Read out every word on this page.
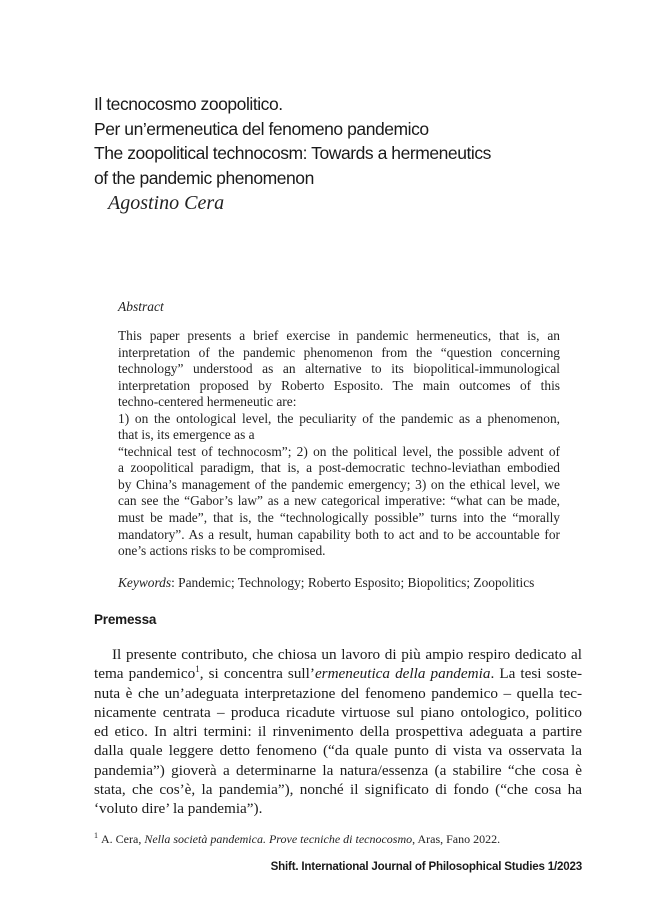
Il tecnocosmo zoopolitico.
Per un’ermeneutica del fenomeno pandemico
The zoopolitical technocosm: Towards a hermeneutics
of the pandemic phenomenon
Agostino Cera
Abstract

This paper presents a brief exercise in pandemic hermeneutics, that is, an
interpretation of the pandemic phenomenon from the “question concerning
technology” understood as an alternative to its biopolitical-immunological
interpretation proposed by Roberto Esposito. The main outcomes of this
techno-centered hermeneutic are:
1) on the ontological level, the peculiarity of the pandemic as a phenomenon,
that is, its emergence as a
“technical test of technocosm”; 2) on the political level, the possible advent of
a zoopolitical paradigm, that is, a post-democratic techno-leviathan embodied
by China’s management of the pandemic emergency; 3) on the ethical level, we
can see the “Gabor’s law” as a new categorical imperative: “what can be made,
must be made”, that is, the “technologically possible” turns into the “morally
mandatory”. As a result, human capability both to act and to be accountable for
one’s actions risks to be compromised.

Keywords: Pandemic; Technology; Roberto Esposito; Biopolitics; Zoopolitics
Premessa
Il presente contributo, che chiosa un lavoro di più ampio respiro dedicato al
tema pandemico$^1$, si concentra sull’ermeneutica della pandemia. La tesi soste-
nuta è che un’adeguata interpretazione del fenomeno pandemico – quella tec-
nicamente centrata – produca ricadute virtuose sul piano ontologico, politico
ed etico. In altri termini: il rinvenimento della prospettiva adeguata a partire
dalla quale leggere detto fenomeno (“da quale punto di vista va osservata la
pandemia”) gioverà a determinarne la natura/essenza (a stabilire “che cosa è
stata, che cos’è, la pandemia”), nonché il significato di fondo (“che cosa ha
‘voluto dire’ la pandemia”).
$^1$ A. Cera, Nella società pandemica. Prove tecniche di tecnocosmo, Aras, Fano 2022.
Shift. International Journal of Philosophical Studies 1/2023
